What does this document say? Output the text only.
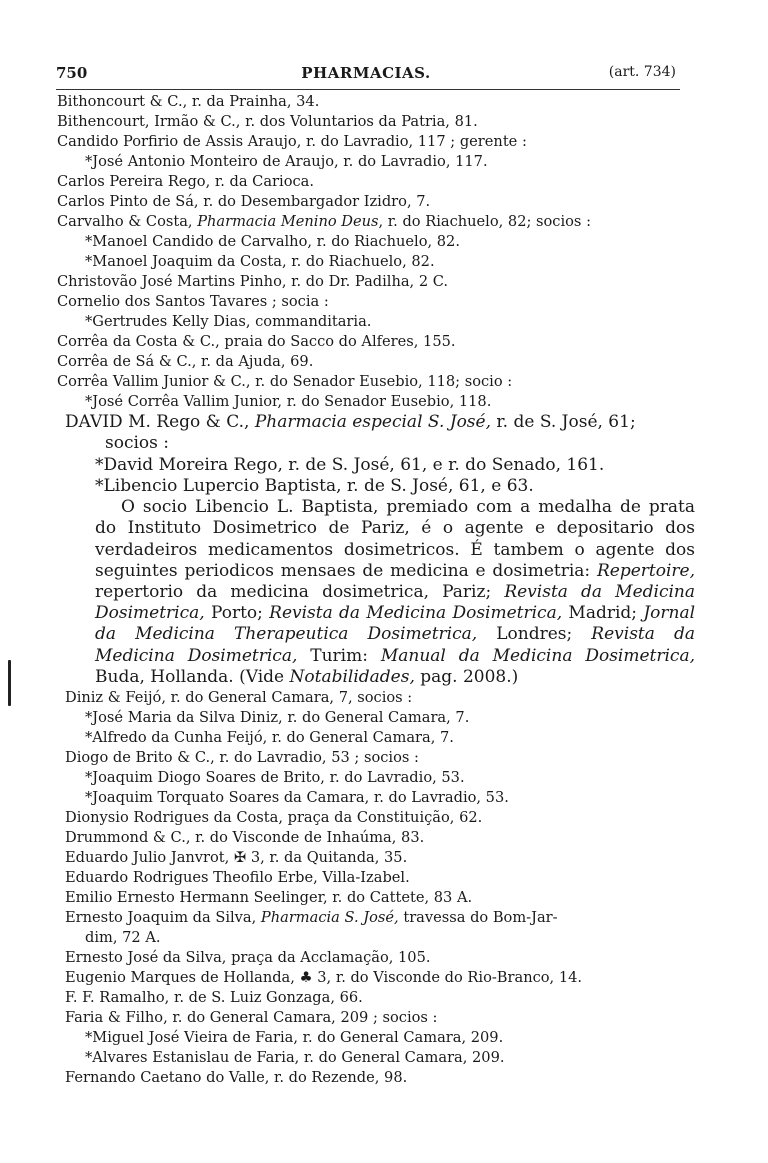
750	PHARMACIAS.	(art. 734)
Bithoncourt & C., r. da Prainha, 34.
Bithencourt, Irmão & C., r. dos Voluntarios da Patria, 81.
Candido Porfirio de Assis Araujo, r. do Lavradio, 117 ; gerente :
*José Antonio Monteiro de Araujo, r. do Lavradio, 117.
Carlos Pereira Rego, r. da Carioca.
Carlos Pinto de Sá, r. do Desembargador Izidro, 7.
Carvalho & Costa, Pharmacia Menino Deus, r. do Riachuelo, 82; socios :
*Manoel Candido de Carvalho, r. do Riachuelo, 82.
*Manoel Joaquim da Costa, r. do Riachuelo, 82.
Christovão José Martins Pinho, r. do Dr. Padilha, 2 C.
Cornelio dos Santos Tavares ; socia :
*Gertrudes Kelly Dias, commanditaria.
Corrêa da Costa & C., praia do Sacco do Alferes, 155.
Corrêa de Sá & C., r. da Ajuda, 69.
Corrêa Vallim Junior & C., r. do Senador Eusebio, 118; socio :
*José Corrêa Vallim Junior, r. do Senador Eusebio, 118.
DAVID M. Rego & C., Pharmacia especial S. José, r. de S. José, 61;
socios :
*David Moreira Rego, r. de S. José, 61, e r. do Senado, 161.
*Libencio Lupercio Baptista, r. de S. José, 61, e 63.

O socio Libencio L. Baptista, premiado com a medalha de prata do Instituto Dosimetrico de Pariz, é o agente e depositario dos verdadeiros medicamentos dosimetricos. É tambem o agente dos seguintes periodicos mensaes de medicina e dosimetria: Repertoire, repertorio da medicina dosimetrica, Pariz; Revista da Medicina Dosimetrica, Porto; Revista da Medicina Dosimetrica, Madrid; Jornal da Medicina Therapeutica Dosimetrica, Londres; Revista da Medicina Dosimetrica, Turim: Manual da Medicina Dosimetrica, Buda, Hollanda. (Vide Notabilidades, pag. 2008.)

Diniz & Feijó, r. do General Camara, 7, socios :
*José Maria da Silva Diniz, r. do General Camara, 7.
*Alfredo da Cunha Feijó, r. do General Camara, 7.
Diogo de Brito & C., r. do Lavradio, 53 ; socios :
*Joaquim Diogo Soares de Brito, r. do Lavradio, 53.
*Joaquim Torquato Soares da Camara, r. do Lavradio, 53.
Dionysio Rodrigues da Costa, praça da Constituição, 62.
Drummond & C., r. do Visconde de Inhaúma, 83.
Eduardo Julio Janvrot, ✠ 3, r. da Quitanda, 35.
Eduardo Rodrigues Theofilo Erbe, Villa-Izabel.
Emilio Ernesto Hermann Seelinger, r. do Cattete, 83 A.
Ernesto Joaquim da Silva, Pharmacia S. José, travessa do Bom-Jar-
dim, 72 A.
Ernesto José da Silva, praça da Acclamação, 105.
Eugenio Marques de Hollanda, ♣ 3, r. do Visconde do Rio-Branco, 14.
F. F. Ramalho, r. de S. Luiz Gonzaga, 66.
Faria & Filho, r. do General Camara, 209 ; socios :
*Miguel José Vieira de Faria, r. do General Camara, 209.
*Alvares Estanislau de Faria, r. do General Camara, 209.
Fernando Caetano do Valle, r. do Rezende, 98.
